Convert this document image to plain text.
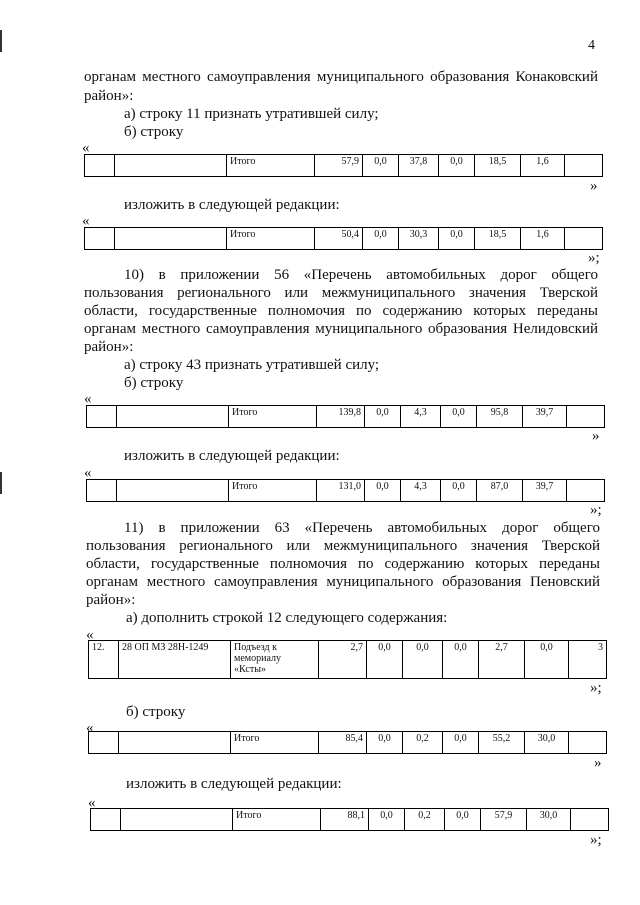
4
органам местного самоуправления муниципального образования Конаковский
район»:
а) строку 11 признать утратившей силу;
б) строку
«
		Итого	57,9	0,0	37,8	0,0	18,5	1,6	
»
изложить в следующей редакции:
«
		Итого	50,4	0,0	30,3	0,0	18,5	1,6	
»;
10) в приложении 56 «Перечень автомобильных дорог общего
пользования регионального или межмуниципального значения Тверской
области, государственные полномочия по содержанию которых переданы
органам местного самоуправления муниципального образования Нелидовский
район»:
а) строку 43 признать утратившей силу;
б) строку
«
		Итого	139,8	0,0	4,3	0,0	95,8	39,7	
»
изложить в следующей редакции:
«
		Итого	131,0	0,0	4,3	0,0	87,0	39,7	
»;
11) в приложении 63 «Перечень автомобильных дорог общего
пользования регионального или межмуниципального значения Тверской
области, государственные полномочия по содержанию которых переданы
органам местного самоуправления муниципального образования Пеновский
район»:
а) дополнить строкой 12 следующего содержания:
«
12.	28 ОП МЗ 28Н-1249	Подъезд к мемориалу «Ксты»	2,7	0,0	0,0	0,0	2,7	0,0	3
»;
б) строку
«
		Итого	85,4	0,0	0,2	0,0	55,2	30,0	
»
изложить в следующей редакции:
«
		Итого	88,1	0,0	0,2	0,0	57,9	30,0	
»;
